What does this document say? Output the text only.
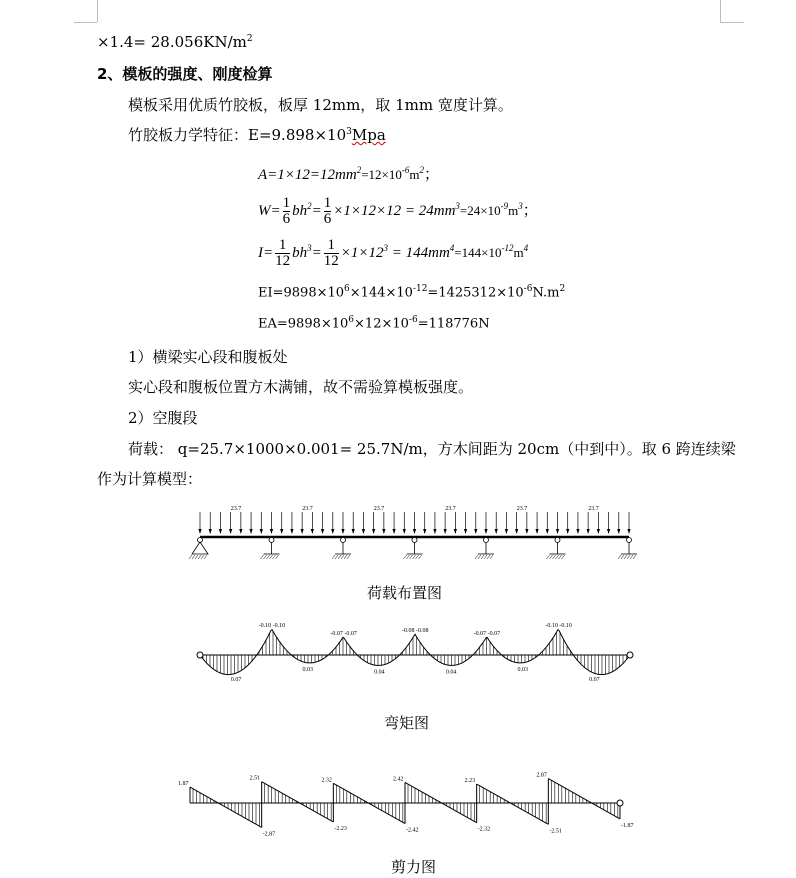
$\times 1.4= 28.056KN/m^2$
2、模板的强度、刚度检算
模板采用优质竹胶板，板厚 12mm，取 1mm 宽度计算。
竹胶板力学特征：$E=9.898\times 10^3Mpa$
$A=1\times 12=12mm^2=12\times 10^{-6}m^2$；
$W= \frac{1}{6} bh^2= \frac{1}{6} \times 1\times 12\times 12 = 24mm^3=24\times 10^{-9}m^3$；
$I= \frac{1}{12} bh^3= \frac{1}{12} \times 1\times 12^3 = 144mm^4=144\times 10^{-12}m^4$
$EI=9898\times 10^6\times 144\times 10^{-12}=1425312\times 10^{-6}N.m^2$
$EA=9898\times 10^6\times 12\times 10^{-6}=118776N$
1）横梁实心段和腹板处
实心段和腹板位置方木满铺，故不需验算模板强度。
2）空腹段
荷载： q=25.7×1000×0.001= 25.7N/m，方木间距为 20cm（中到中）。取 6 跨连续梁
作为计算模型：
23.7	23.7	23.7	23.7	23.7	23.7
荷载布置图
-0.10 -0.10
-0.07 -0.07	-0.08 -0.08	-0.07 -0.07
-0.10 -0.10
0.07
0.03	0.04	0.04	0.03
0.07
弯矩图
1.87
-2.87
2.51
-2.23
2.32
-2.42
2.42
-2.32
2.23
-2.51
2.87
-1.87
剪力图
